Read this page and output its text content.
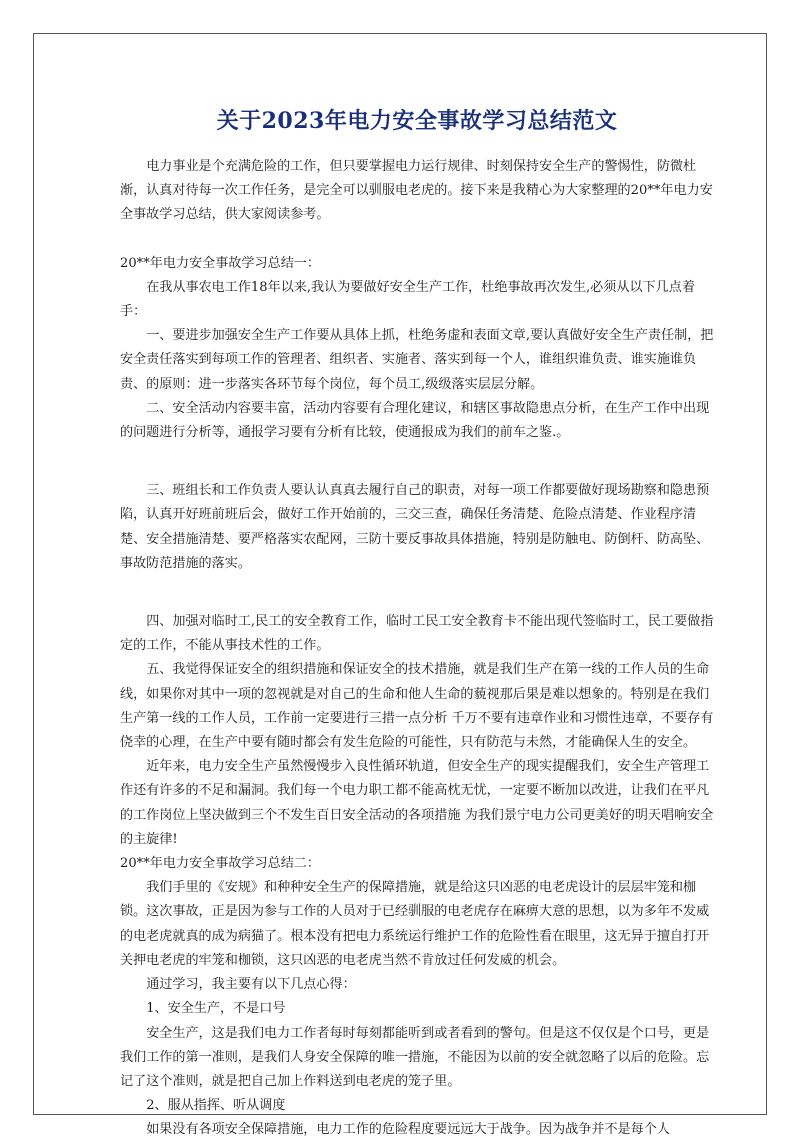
关于2023年电力安全事故学习总结范文

电力事业是个充满危险的工作，但只要掌握电力运行规律、时刻保持安全生产的警惕性，防微杜渐，认真对待每一次工作任务，是完全可以驯服电老虎的。接下来是我精心为大家整理的20**年电力安全事故学习总结，供大家阅读参考。

20**年电力安全事故学习总结一：

在我从事农电工作18年以来,我认为要做好安全生产工作，杜绝事故再次发生,必须从以下几点着手：

一、要进步加强安全生产工作要从具体上抓，杜绝务虚和表面文章,要认真做好安全生产责任制，把安全责任落实到每项工作的管理者、组织者、实施者、落实到每一个人，谁组织谁负责、谁实施谁负责、的原则：进一步落实各环节每个岗位，每个员工,级级落实层层分解。

二、安全活动内容要丰富，活动内容要有合理化建议，和辖区事故隐患点分析，在生产工作中出现的问题进行分析等，通报学习要有分析有比较，使通报成为我们的前车之鉴.。

三、班组长和工作负责人要认认真真去履行自己的职责，对每一项工作都要做好现场勘察和隐患预陷，认真开好班前班后会，做好工作开始前的，三交三查，确保任务清楚、危险点清楚、作业程序清楚、安全措施清楚、要严格落实农配网，三防十要反事故具体措施，特别是防触电、防倒杆、防高坠、事故防范措施的落实。

四、加强对临时工,民工的安全教育工作，临时工民工安全教育卡不能出现代签临时工，民工要做指定的工作，不能从事技术性的工作。

五、我觉得保证安全的组织措施和保证安全的技术措施，就是我们生产在第一线的工作人员的生命线，如果你对其中一项的忽视就是对自己的生命和他人生命的藐视那后果是难以想象的。特别是在我们生产第一线的工作人员，工作前一定要进行三措一点分析 千万不要有违章作业和习惯性违章，不要存有侥幸的心理，在生产中要有随时都会有发生危险的可能性，只有防范与未然，才能确保人生的安全。

近年来，电力安全生产虽然慢慢步入良性循环轨道，但安全生产的现实提醒我们，安全生产管理工作还有许多的不足和漏洞。我们每一个电力职工都不能高枕无忧，一定要不断加以改进，让我们在平凡的工作岗位上坚决做到三个不发生百日安全活动的各项措施 为我们景宁电力公司更美好的明天唱响安全的主旋律!

20**年电力安全事故学习总结二：

我们手里的《安规》和种种安全生产的保障措施，就是给这只凶恶的电老虎设计的层层牢笼和枷锁。这次事故，正是因为参与工作的人员对于已经驯服的电老虎存在麻痹大意的思想，以为多年不发威的电老虎就真的成为病猫了。根本没有把电力系统运行维护工作的危险性看在眼里，这无异于擅自打开关押电老虎的牢笼和枷锁，这只凶恶的电老虎当然不肯放过任何发威的机会。

通过学习，我主要有以下几点心得：

1、安全生产，不是口号

安全生产，这是我们电力工作者每时每刻都能听到或者看到的警句。但是这不仅仅是个口号，更是我们工作的第一准则，是我们人身安全保障的唯一措施，不能因为以前的安全就忽略了以后的危险。忘记了这个准则，就是把自己加上作料送到电老虎的笼子里。

2、服从指挥、听从调度

如果没有各项安全保障措施，电力工作的危险程度要远远大于战争。因为战争并不是每个人
